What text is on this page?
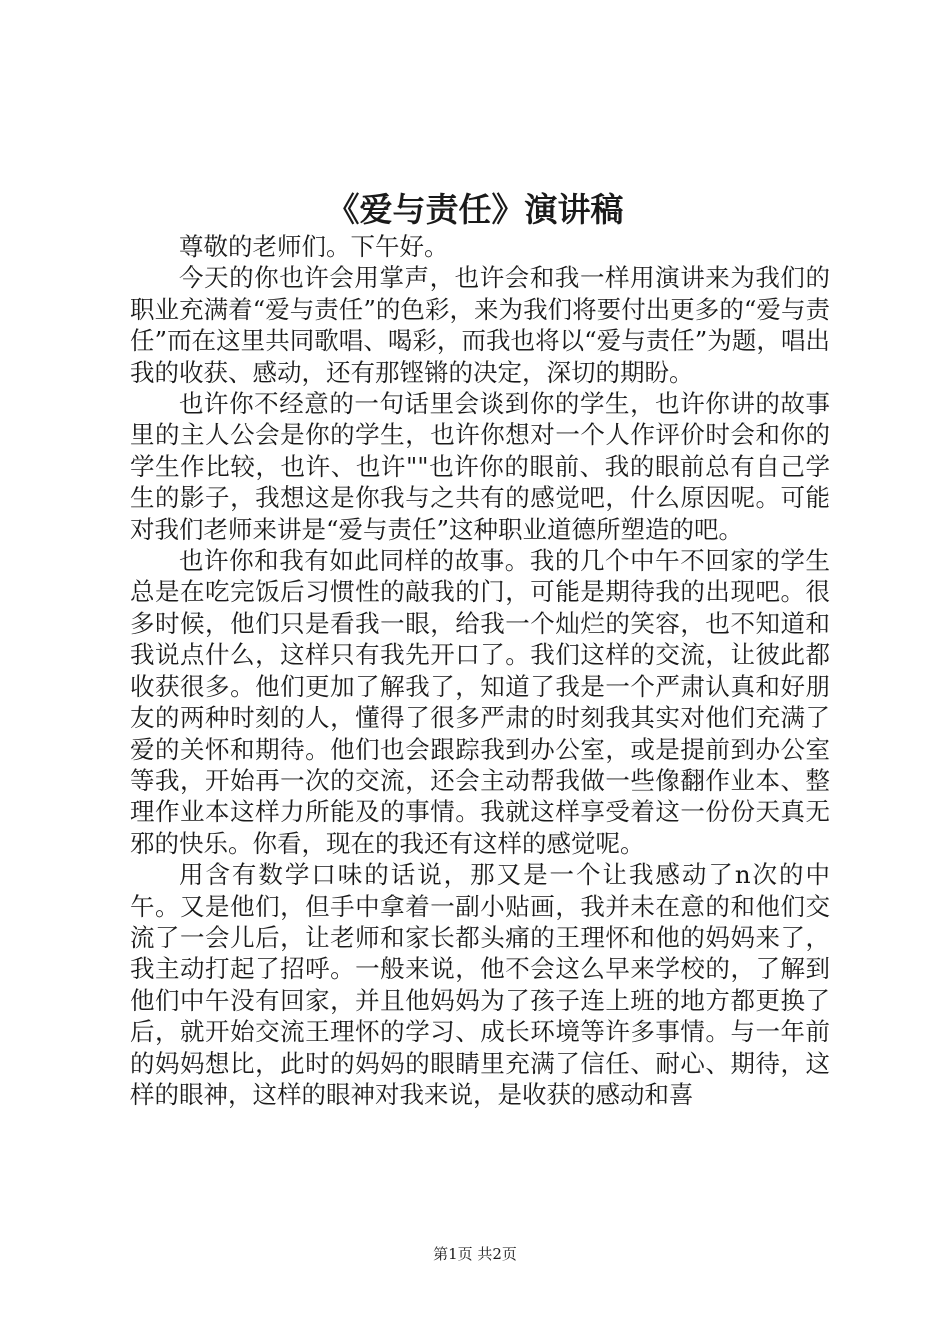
《爱与责任》演讲稿

尊敬的老师们。下午好。

今天的你也许会用掌声，也许会和我一样用演讲来为我们的职业充满着“爱与责任”的色彩，来为我们将要付出更多的“爱与责任”而在这里共同歌唱、喝彩，而我也将以“爱与责任”为题，唱出我的收获、感动，还有那铿锵的决定，深切的期盼。

也许你不经意的一句话里会谈到你的学生，也许你讲的故事里的主人公会是你的学生，也许你想对一个人作评价时会和你的学生作比较，也许、也许""也许你的眼前、我的眼前总有自己学生的影子，我想这是你我与之共有的感觉吧，什么原因呢。可能对我们老师来讲是“爱与责任”这种职业道德所塑造的吧。

也许你和我有如此同样的故事。我的几个中午不回家的学生总是在吃完饭后习惯性的敲我的门，可能是期待我的出现吧。很多时候，他们只是看我一眼，给我一个灿烂的笑容，也不知道和我说点什么，这样只有我先开口了。我们这样的交流，让彼此都收获很多。他们更加了解我了，知道了我是一个严肃认真和好朋友的两种时刻的人，懂得了很多严肃的时刻我其实对他们充满了爱的关怀和期待。他们也会跟踪我到办公室，或是提前到办公室等我，开始再一次的交流，还会主动帮我做一些像翻作业本、整理作业本这样力所能及的事情。我就这样享受着这一份份天真无邪的快乐。你看，现在的我还有这样的感觉呢。

用含有数学口味的话说，那又是一个让我感动了n次的中午。又是他们，但手中拿着一副小贴画，我并未在意的和他们交流了一会儿后，让老师和家长都头痛的王理怀和他的妈妈来了，我主动打起了招呼。一般来说，他不会这么早来学校的，了解到他们中午没有回家，并且他妈妈为了孩子连上班的地方都更换了后，就开始交流王理怀的学习、成长环境等许多事情。与一年前的妈妈想比，此时的妈妈的眼睛里充满了信任、耐心、期待，这样的眼神，这样的眼神对我来说，是收获的感动和喜

第1页 共2页
